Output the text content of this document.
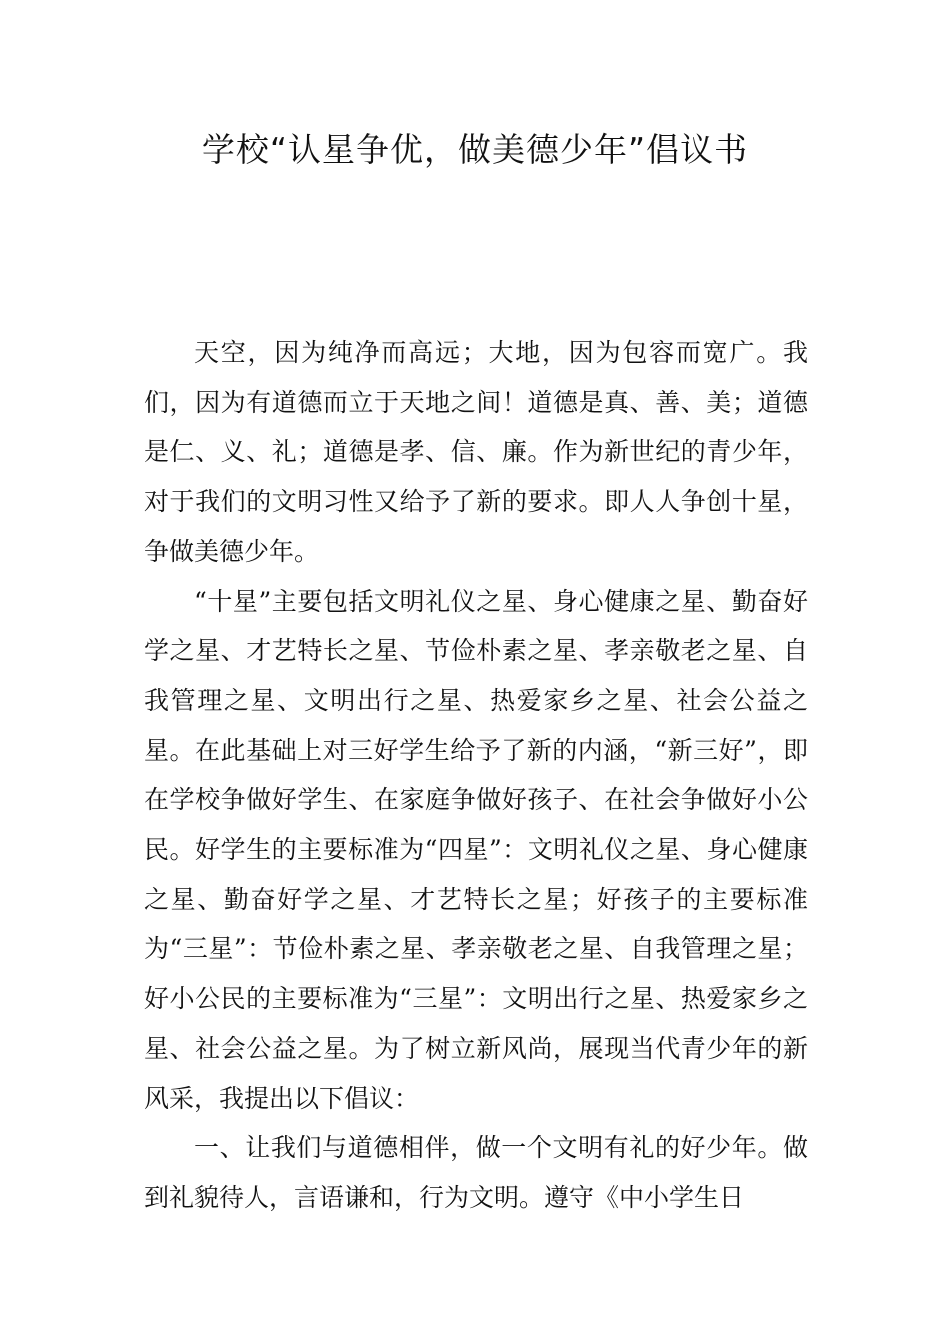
学校“认星争优，做美德少年”倡议书

天空，因为纯净而高远；大地，因为包容而宽广。我们，因为有道德而立于天地之间！道德是真、善、美；道德是仁、义、礼；道德是孝、信、廉。作为新世纪的青少年，对于我们的文明习性又给予了新的要求。即人人争创十星，争做美德少年。

“十星”主要包括文明礼仪之星、身心健康之星、勤奋好学之星、才艺特长之星、节俭朴素之星、孝亲敬老之星、自我管理之星、文明出行之星、热爱家乡之星、社会公益之星。在此基础上对三好学生给予了新的内涵，“新三好”，即在学校争做好学生、在家庭争做好孩子、在社会争做好小公民。好学生的主要标准为“四星”：文明礼仪之星、身心健康之星、勤奋好学之星、才艺特长之星；好孩子的主要标准为“三星”：节俭朴素之星、孝亲敬老之星、自我管理之星；好小公民的主要标准为“三星”：文明出行之星、热爱家乡之星、社会公益之星。为了树立新风尚，展现当代青少年的新风采，我提出以下倡议：

一、让我们与道德相伴，做一个文明有礼的好少年。做到礼貌待人，言语谦和，行为文明。遵守《中小学生日
